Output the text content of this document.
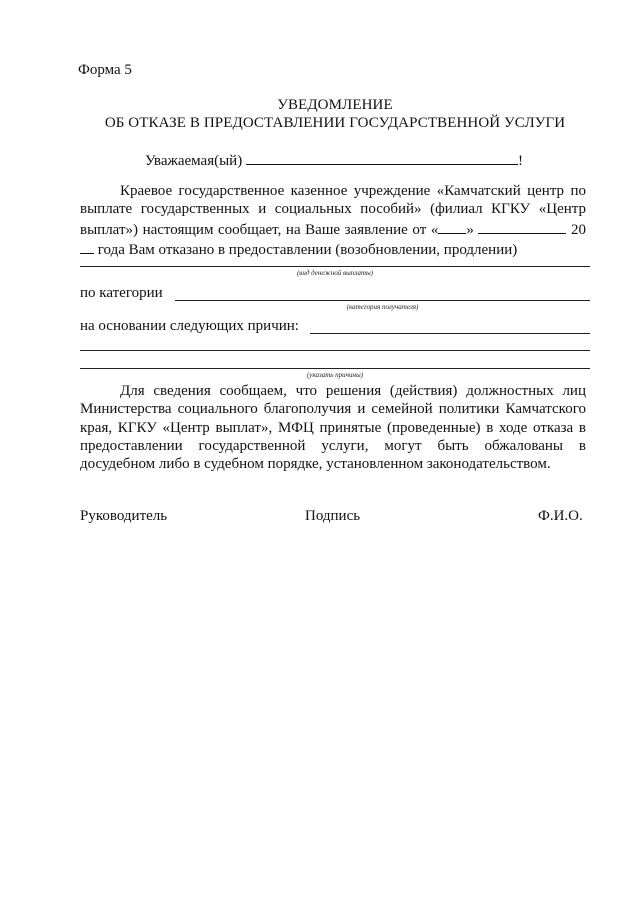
Форма 5
УВЕДОМЛЕНИЕ
ОБ ОТКАЗЕ В ПРЕДОСТАВЛЕНИИ ГОСУДАРСТВЕННОЙ УСЛУГИ
Уважаемая(ый)	!
Краевое государственное казенное учреждение «Камчатский центр по выплате государственных и социальных пособий» (филиал КГКУ «Центр выплат») настоящим сообщает, на Ваше заявление от « »	20 года Вам отказано в предоставлении (возобновлении, продлении)
(вид денежной выплаты)
по категории
(категория получателя)
на основании следующих причин:
(указать причины)
Для сведения сообщаем, что решения (действия) должностных лиц Министерства социального благополучия и семейной политики Камчатского края, КГКУ «Центр выплат», МФЦ принятые (проведенные) в ходе отказа в предоставлении государственной услуги, могут быть обжалованы в досудебном либо в судебном порядке, установленном законодательством.
Руководитель	Подпись	Ф.И.О.
